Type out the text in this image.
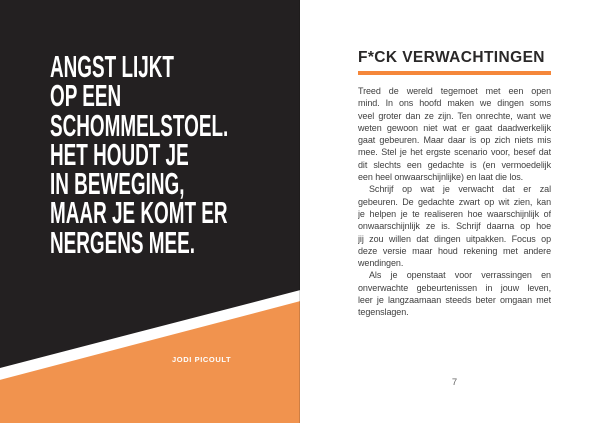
ANGST LIJKT
OP EEN
SCHOMMELSTOEL.
HET HOUDT JE
IN BEWEGING,
MAAR JE KOMT ER
NERGENS MEE.
JODI PICOULT
F*CK VERWACHTINGEN
Treed de wereld tegemoet met een open
mind. In ons hoofd maken we dingen soms
veel groter dan ze zijn. Ten onrechte, want we
weten gewoon niet wat er gaat daadwerkelijk
gaat gebeuren. Maar daar is op zich niets mis
mee. Stel je het ergste scenario voor, besef dat
dit slechts een gedachte is (en vermoedelijk
een heel onwaarschijnlijke) en laat die los.
Schrijf op wat je verwacht dat er zal
gebeuren. De gedachte zwart op wit zien, kan
je helpen je te realiseren hoe waarschijnlijk of
onwaarschijnlijk ze is. Schrijf daarna op hoe
jij zou willen dat dingen uitpakken. Focus op
deze versie maar houd rekening met andere
wendingen.
Als je openstaat voor verrassingen en
onverwachte gebeurtenissen in jouw leven,
leer je langzaamaan steeds beter omgaan met
tegenslagen.
7
